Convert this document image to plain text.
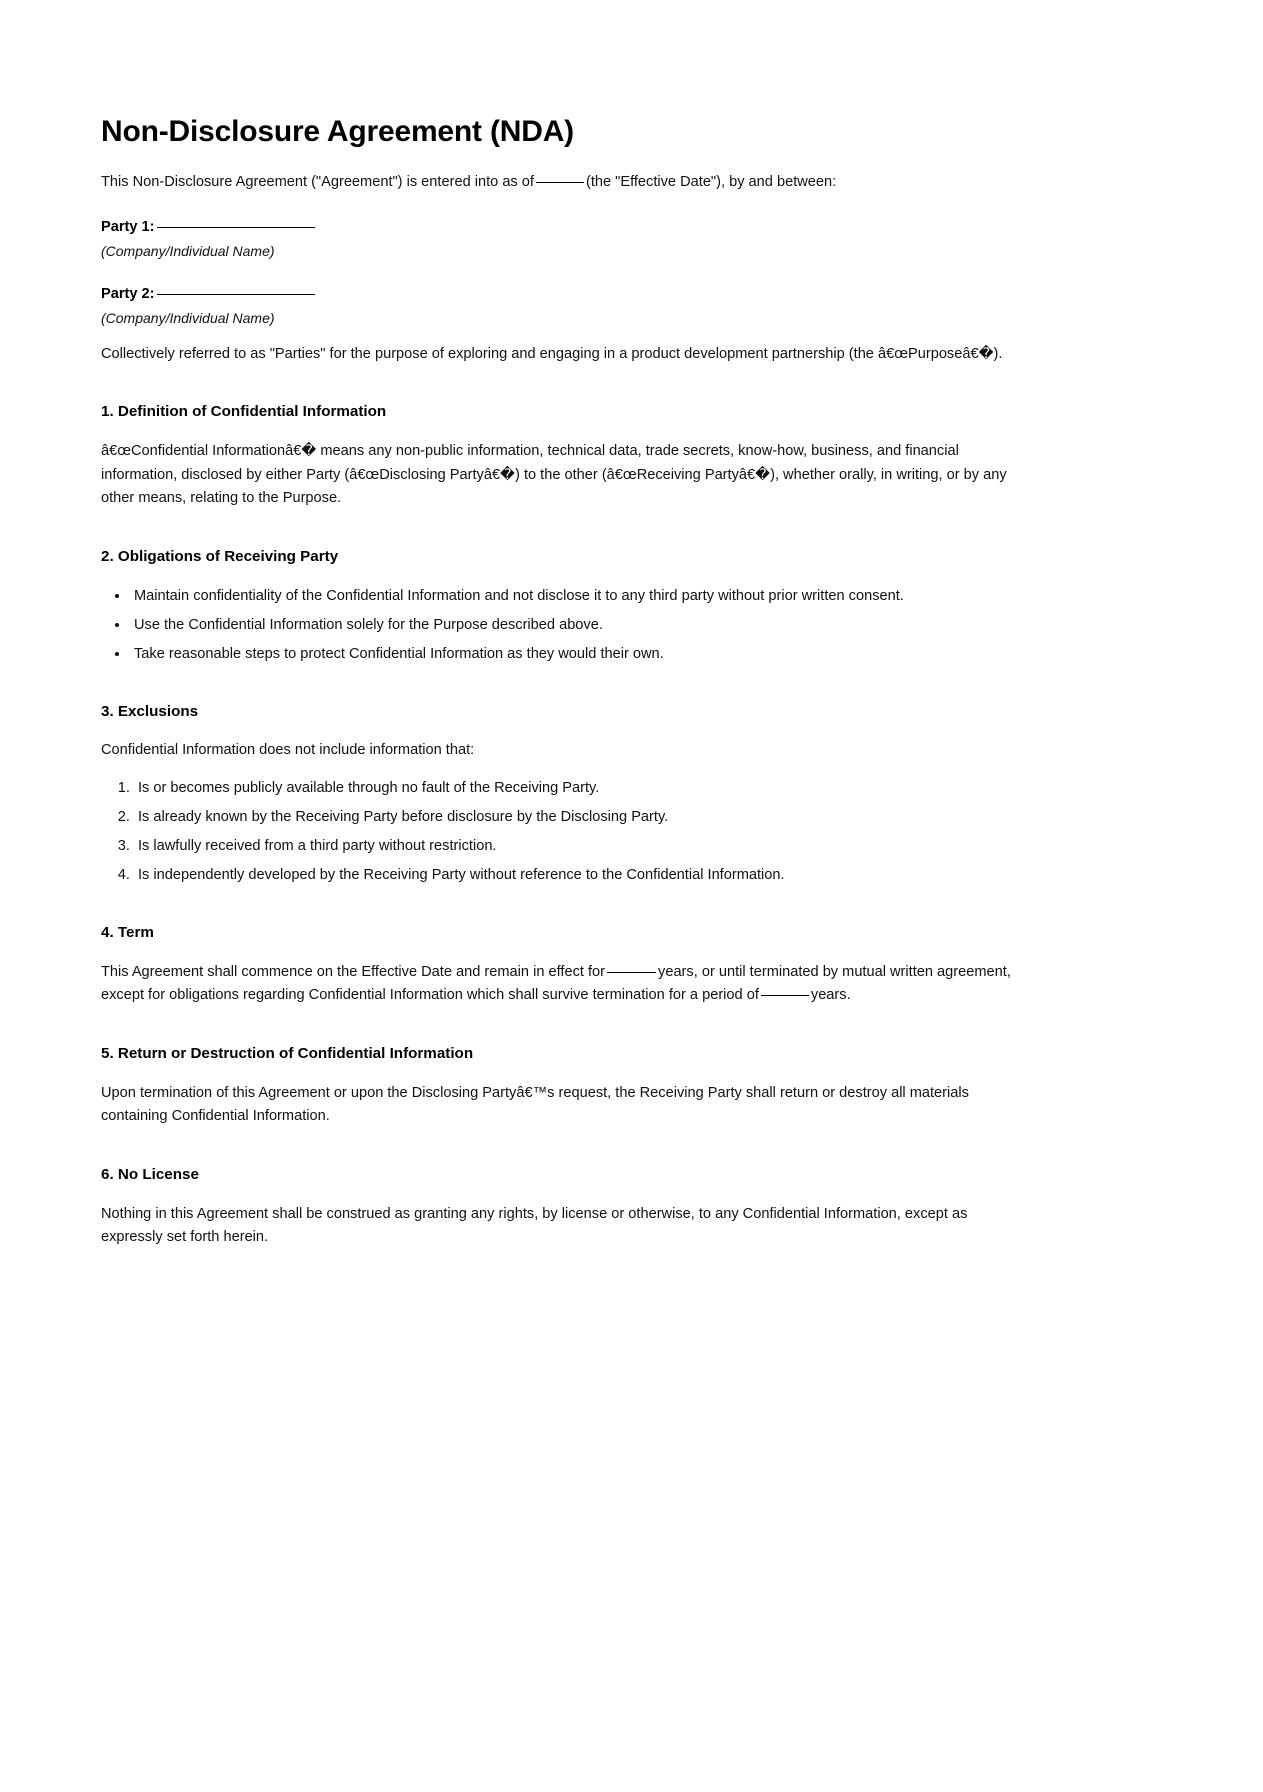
Non-Disclosure Agreement (NDA)

This Non-Disclosure Agreement ("Agreement") is entered into as of	(the "Effective Date"), by and between:

Party 1:
(Company/Individual Name)
Party 2:
(Company/Individual Name)

Collectively referred to as "Parties" for the purpose of exploring and engaging in a product development partnership (the â€œPurposeâ€�).

1. Definition of Confidential Information

â€œConfidential Informationâ€� means any non-public information, technical data, trade secrets, know-how, business, and financial information, disclosed by either Party (â€œDisclosing Partyâ€�) to the other (â€œReceiving Partyâ€�), whether orally, in writing, or by any other means, relating to the Purpose.

2. Obligations of Receiving Party
• Maintain confidentiality of the Confidential Information and not disclose it to any third party without prior written consent.
• Use the Confidential Information solely for the Purpose described above.
• Take reasonable steps to protect Confidential Information as they would their own.
3. Exclusions

Confidential Information does not include information that:

1. Is or becomes publicly available through no fault of the Receiving Party.
2. Is already known by the Receiving Party before disclosure by the Disclosing Party.
3. Is lawfully received from a third party without restriction.
4. Is independently developed by the Receiving Party without reference to the Confidential Information.
4. Term

This Agreement shall commence on the Effective Date and remain in effect for	years, or until terminated by mutual written agreement, except for obligations regarding Confidential Information which shall survive termination for a period of	years.

5. Return or Destruction of Confidential Information

Upon termination of this Agreement or upon the Disclosing Partyâ€™s request, the Receiving Party shall return or destroy all materials containing Confidential Information.

6. No License

Nothing in this Agreement shall be construed as granting any rights, by license or otherwise, to any Confidential Information, except as expressly set forth herein.
